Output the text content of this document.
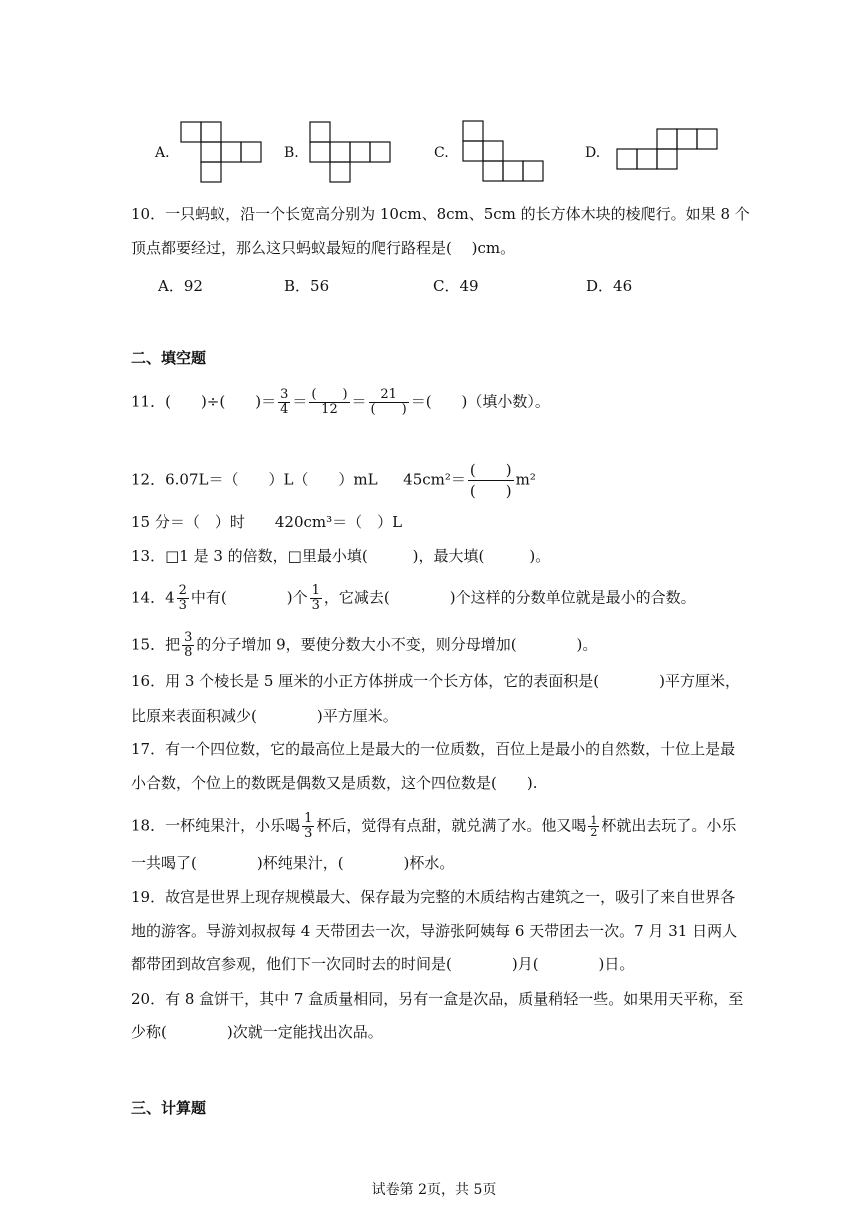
A.	B.	C.	D.
10．一只蚂蚁，沿一个长宽高分别为 10cm、8cm、5cm 的长方体木块的棱爬行。如果 8 个
顶点都要经过，那么这只蚂蚁最短的爬行路程是(　 )cm。
A．92	B．56	C．49	D．46
二、填空题
11．(　　)÷(　　)＝ $\frac{3}{4} = \frac{( )}{12} = \frac{21}{( )}$ ＝(　　)（填小数）。
12．6.07L＝（　　）L（　　）mL $45cm^2= \frac{( )}{( )} m^2$
15 分＝（　）时　　420cm³＝（　）L
13．□1 是 3 的倍数，□里最小填(　　　)，最大填(　　　)。
14．$4 \frac{2}{3}$ 中有(　　　　)个 $\frac{1}{3}$ ，它减去(　　　　)个这样的分数单位就是最小的合数。
15．把 $\frac{3}{8}$ 的分子增加 9，要使分数大小不变，则分母增加(　　　　)。
16．用 3 个棱长是 5 厘米的小正方体拼成一个长方体，它的表面积是(　　　　)平方厘米，
比原来表面积减少(　　　　)平方厘米。
17．有一个四位数，它的最高位上是最大的一位质数，百位上是最小的自然数，十位上是最
小合数，个位上的数既是偶数又是质数，这个四位数是(　　).
18．一杯纯果汁，小乐喝 $\frac{1}{3}$ 杯后，觉得有点甜，就兑满了水。他又喝 $\frac{1}{2}$ 杯就出去玩了。小乐
一共喝了(　　　　)杯纯果汁，(　　　　)杯水。
19．故宫是世界上现存规模最大、保存最为完整的木质结构古建筑之一，吸引了来自世界各
地的游客。导游刘叔叔每 4 天带团去一次，导游张阿姨每 6 天带团去一次。7 月 31 日两人
都带团到故宫参观，他们下一次同时去的时间是(　　　　)月(　　　　)日。
20．有 8 盒饼干，其中 7 盒质量相同，另有一盒是次品，质量稍轻一些。如果用天平称，至
少称(　　　　)次就一定能找出次品。
三、计算题
试卷第 2页，共 5页
